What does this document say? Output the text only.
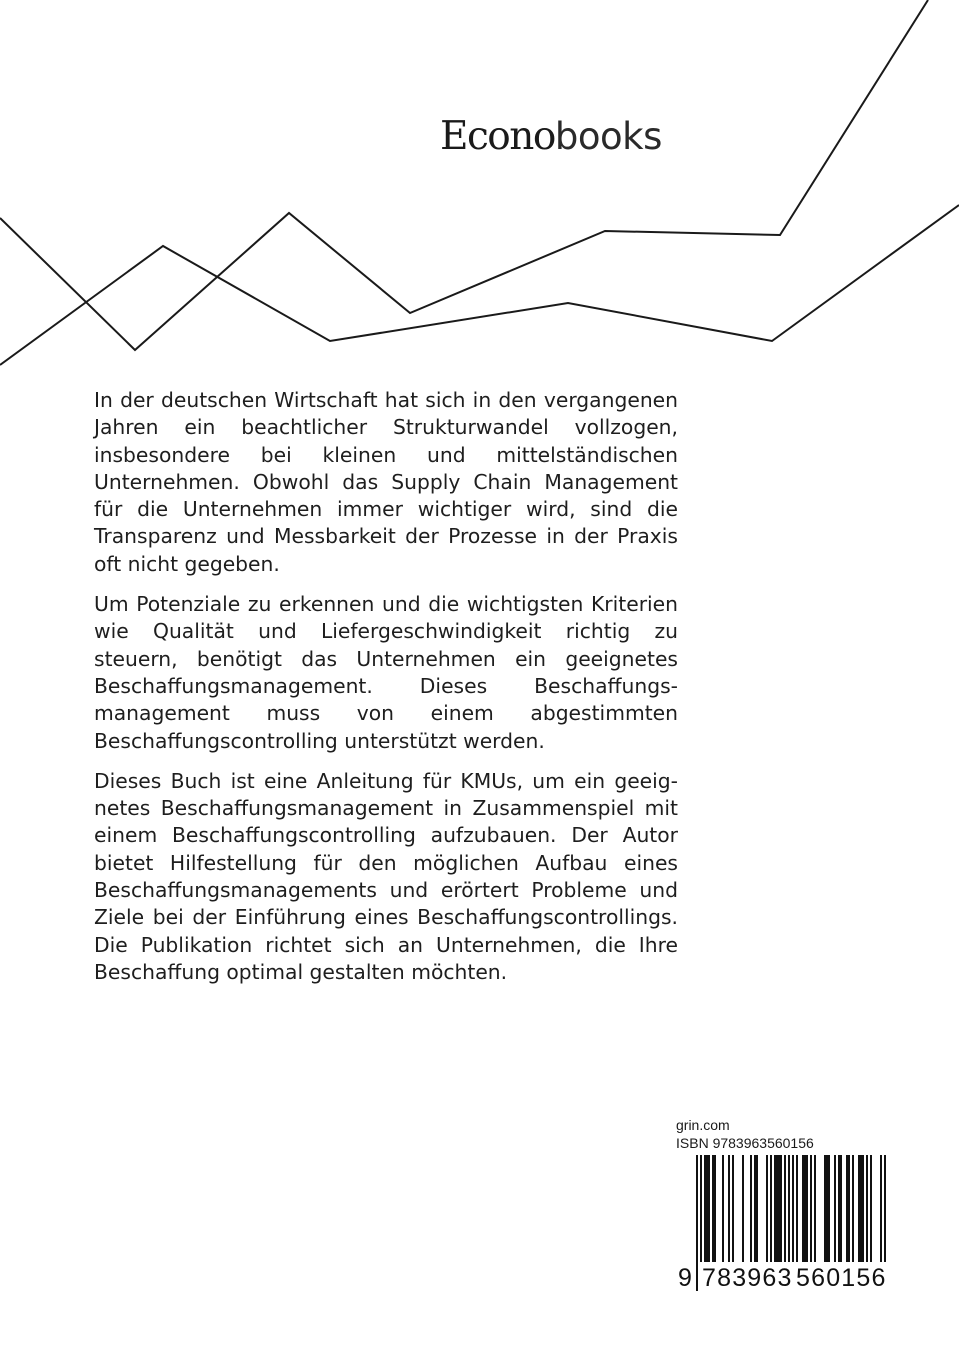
Econobooks

In der deutschen Wirtschaft hat sich in den vergangenen Jahren ein beachtlicher Strukturwandel vollzogen, insbesondere bei kleinen und mittelständischen Unternehmen. Obwohl das Supply Chain Management für die Unternehmen immer wichtiger wird, sind die Transparenz und Messbarkeit der Prozesse in der Praxis oft nicht gegeben.

Um Potenziale zu erkennen und die wichtigsten Kriterien wie Qualität und Liefergeschwindigkeit richtig zu steuern, benötigt das Unternehmen ein geeignetes Beschaffungsmanagement. Dieses Beschaffungsmanagement muss von einem abgestimmten Beschaffungscontrolling unterstützt werden.

Dieses Buch ist eine Anleitung für KMUs, um ein geeignetes Beschaffungsmanagement in Zusammenspiel mit einem Beschaffungscontrolling aufzubauen. Der Autor bietet Hilfestellung für den möglichen Aufbau eines Beschaffungsmanagements und erörtert Probleme und Ziele bei der Einführung eines Beschaffungscontrollings. Die Publikation richtet sich an Unternehmen, die Ihre Beschaffung optimal gestalten möchten.

grin.com
ISBN 9783963560156
9 783963 560156
